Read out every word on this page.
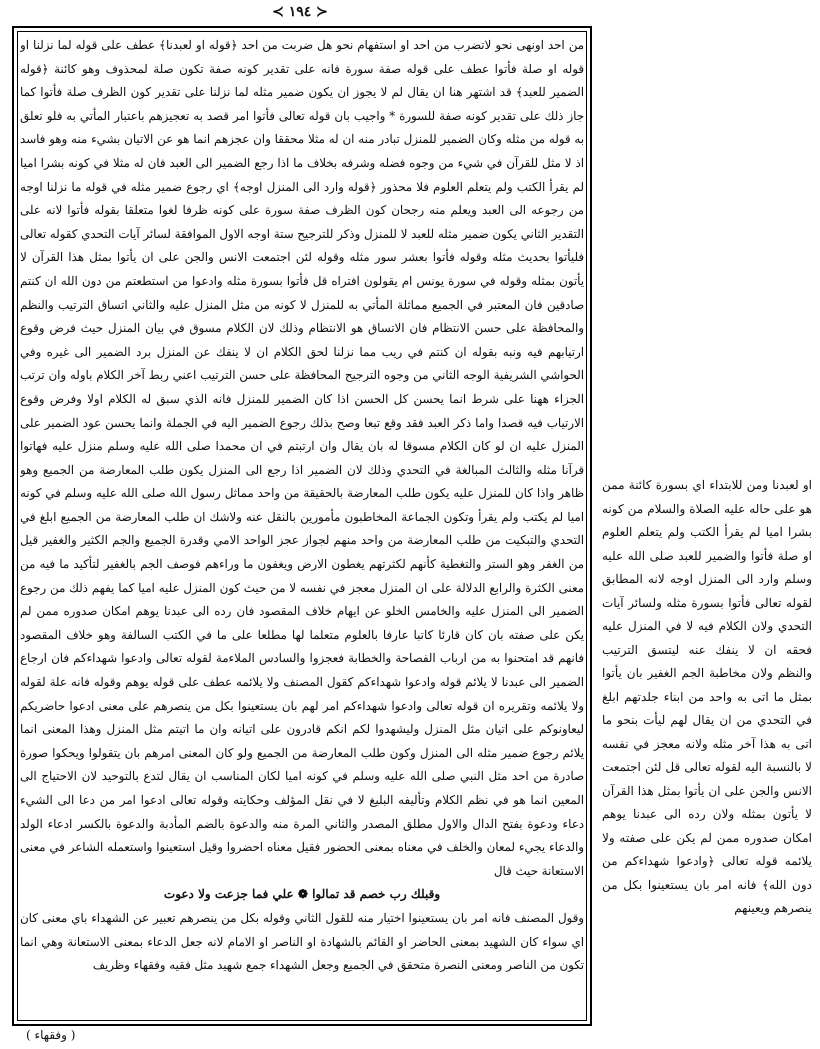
≺ ١٩٤ ≻

من احد اونهى نحو لاتضرب من احد او استفهام نحو هل ضربت من احد ﴿قوله او لعبدنا﴾ عطف على قوله لما نزلنا او قوله او صلة فأتوا عطف على قوله صفة سورة فانه على تقدير كونه صفة تكون صلة لمحذوف وهو كائنة ﴿قوله الضمير للعبد﴾ قد اشتهر هنا ان يقال لم لا يجوز ان يكون ضمير مثله لما نزلنا على تقدير كون الظرف صلة فأتوا كما جاز ذلك على تقدير كونه صفة للسورة * واجيب بان قوله تعالى فأتوا امر قصد به تعجيزهم باعتبار المأتي به فلو تعلق به قوله من مثله وكان الضمير للمنزل تبادر منه ان له مثلا محققا وان عجزهم انما هو عن الاتيان بشيء منه وهو فاسد اذ لا مثل للقرآن في شيء من وجوه فضله وشرفه بخلاف ما اذا رجع الضمير الى العبد فان له مثلا في كونه بشرا اميا لم يقرأ الكتب ولم يتعلم العلوم فلا محذور ﴿قوله وارد الى المنزل اوجه﴾ اي رجوع ضمير مثله في قوله ما نزلنا اوجه من رجوعه الى العبد ويعلم منه رجحان كون الظرف صفة سورة على كونه ظرفا لغوا متعلقا بقوله فأتوا لانه على التقدير الثاني يكون ضمير مثله للعبد لا للمنزل وذكر للترجيح ستة اوجه الاول الموافقة لسائر آيات التحدي كقوله تعالى فليأتوا بحديث مثله وقوله فأتوا بعشر سور مثله وقوله لئن اجتمعت الانس والجن على ان يأتوا بمثل هذا القرآن لا يأتون بمثله وقوله في سورة يونس ام يقولون افتراه قل فأتوا بسورة مثله وادعوا من استطعتم من دون الله ان كنتم صادقين فان المعتبر في الجميع مماثلة المأتي به للمنزل لا كونه من مثل المنزل عليه والثاني اتساق الترتيب والنظم والمحافظة على حسن الانتظام فان الاتساق هو الانتظام وذلك لان الكلام مسوق في بيان المنزل حيث فرض وقوع ارتيابهم فيه ونبه بقوله ان كنتم في ريب مما نزلنا لحق الكلام ان لا ينفك عن المنزل برد الضمير الى غيره وفي الحواشي الشريفية الوجه الثاني من وجوه الترجيح المحافظة على حسن الترتيب اعني ربط آخر الكلام باوله وان ترتب الجزاء ههنا على شرط انما يحسن كل الحسن اذا كان الضمير للمنزل فانه الذي سبق له الكلام اولا وفرض وقوع الارتياب فيه قصدا واما ذكر العبد فقد وقع تبعا وصح بذلك رجوع الضمير اليه في الجملة وانما يحسن عود الضمير على المنزل عليه ان لو كان الكلام مسوقا له بان يقال وان ارتبتم في ان محمدا صلى الله عليه وسلم منزل عليه فهاتوا قرآنا مثله والثالث المبالغة في التحدي وذلك لان الضمير اذا رجع الى المنزل يكون طلب المعارضة من الجميع وهو ظاهر واذا كان للمنزل عليه يكون طلب المعارضة بالحقيقة من واحد مماثل رسول الله صلى الله عليه وسلم في كونه اميا لم يكتب ولم يقرأ وتكون الجماعة المخاطبون مأمورين بالنقل عنه ولاشك ان طلب المعارضة من الجميع ابلغ في التحدي والتبكيت من طلب المعارضة من واحد منهم لجواز عجز الواحد الامي وقدرة الجميع والجم الكثير والغفير قيل من الغفر وهو الستر والتغطية كأنهم لكثرتهم يغطون الارض ويغفون ما وراءهم فوصف الجم بالغفير لتأكيد ما فيه من معنى الكثرة والرابع الدلالة على ان المنزل معجز في نفسه لا من حيث كون المنزل عليه اميا كما يفهم ذلك من رجوع الضمير الى المنزل عليه والخامس الخلو عن ايهام خلاف المقصود فان رده الى عبدنا يوهم امكان صدوره ممن لم يكن على صفته بان كان قارئا كاتبا عارفا بالعلوم متعلما لها مطلعا على ما في الكتب السالفة وهو خلاف المقصود فانهم قد امتحنوا به من ارباب الفصاحة والخطابة فعجزوا والسادس الملاءمة لقوله تعالى وادعوا شهداءكم فان ارجاع الضمير الى عبدنا لا يلائم قوله وادعوا شهداءكم كقول المصنف ولا يلائمه عطف على قوله يوهم وقوله فانه علة لقوله ولا يلائمه وتقريره ان قوله تعالى وادعوا شهداءكم امر لهم بان يستعينوا بكل من ينصرهم على معنى ادعوا حاضريكم ليعاونوكم على اتيان مثل المنزل وليشهدوا لكم انكم قادرون على اتيانه وان ما اتيتم مثل المنزل وهذا المعنى انما يلائم رجوع ضمير مثله الى المنزل وكون طلب المعارضة من الجميع ولو كان المعنى امرهم بان يتقولوا ويحكوا صورة صادرة من احد مثل النبي صلى الله عليه وسلم في كونه اميا لكان المناسب ان يقال لتدع بالتوحيد لان الاحتياج الى المعين انما هو في نظم الكلام وتأليفه البليغ لا في نقل المؤلف وحكايته وقوله تعالى ادعوا امر من دعا الى الشيء دعاء ودعوة بفتح الدال والاول مطلق المصدر والثاني المرة منه والدعوة بالضم المأدبة والدعوة بالكسر ادعاء الولد والدعاء يجيء لمعان والخلف في معناه بمعنى الحضور فقيل معناه احضروا وقيل استعينوا واستعمله الشاعر في معنى الاستعانة حيث قال

وقبلك رب خصم قد تمالوا ❁ علي فما جزعت ولا دعوت

وقول المصنف فانه امر بان يستعينوا اختيار منه للقول الثاني وقوله بكل من ينصرهم تعبير عن الشهداء باي معنى كان اي سواء كان الشهيد بمعنى الحاضر او القائم بالشهادة او الناصر او الامام لانه جعل الدعاء بمعنى الاستعانة وهي انما تكون من الناصر ومعنى النصرة متحقق في الجميع وجعل الشهداء جمع شهيد مثل فقيه وفقهاء وظريف

او لعبدنا ومن للابتداء اي بسورة كائنة ممن هو على حاله عليه الصلاة والسلام من كونه بشرا اميا لم يقرأ الكتب ولم يتعلم العلوم او صلة فأتوا والضمير للعبد صلى الله عليه وسلم وارد الى المنزل اوجه لانه المطابق لقوله تعالى فأتوا بسورة مثله ولسائر آيات التحدي ولان الكلام فيه لا في المنزل عليه فحقه ان لا ينفك عنه ليتسق الترتيب والنظم ولان مخاطبة الجم الغفير بان يأتوا بمثل ما اتى به واحد من ابناء جلدتهم ابلغ في التحدي من ان يقال لهم ليأت بنحو ما اتى به هذا آخر مثله ولانه معجز في نفسه لا بالنسبة اليه لقوله تعالى قل لئن اجتمعت الانس والجن على ان يأتوا بمثل هذا القرآن لا يأتون بمثله ولان رده الى عبدنا يوهم امكان صدوره ممن لم يكن على صفته ولا يلائمه قوله تعالى ﴿وادعوا شهداءكم من دون الله﴾ فانه امر بان يستعينوا بكل من ينصرهم ويعينهم
( وفقهاء )
